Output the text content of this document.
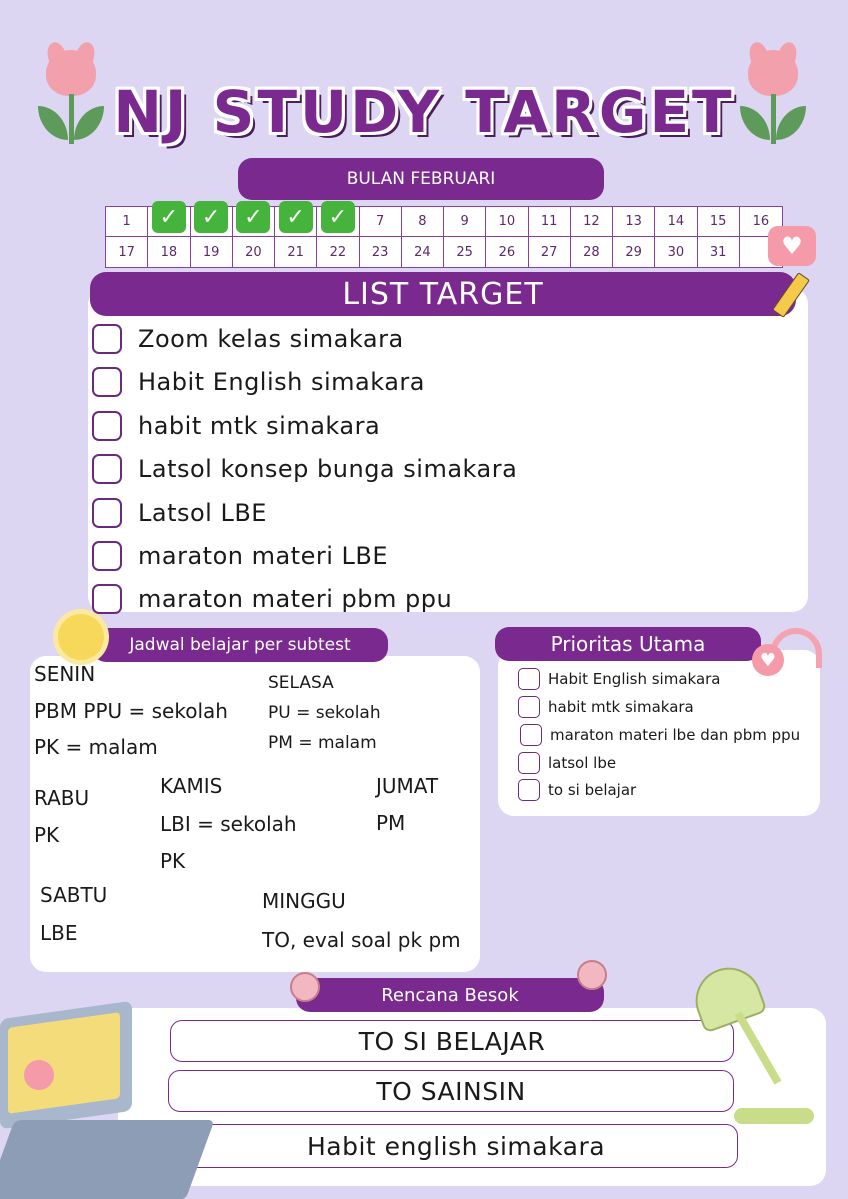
NJ STUDY TARGET
BULAN FEBRUARI
1	✓	✓	✓	✓	✓	7	8	9 10 11 12 13 14 15 16
17 18 19 20 21 22 23 24 25 26 27 28 29 30 31	♥
LIST TARGET
Zoom kelas simakara
Habit English simakara
habit mtk simakara
Latsol konsep bunga simakara
Latsol LBE
maraton materi LBE
maraton materi pbm ppu
Jadwal belajar per subtest
SENIN
PBM PPU = sekolah
PK = malam
SELASA
PU = sekolah
PM = malam
RABU
PK
KAMIS
LBI = sekolah
PK
JUMAT
PM
SABTU
LBE
MINGGU
TO, eval soal pk pm
Prioritas Utama
♥
Habit English simakara
habit mtk simakara
maraton materi lbe dan pbm ppu
latsol lbe
to si belajar
Rencana Besok
TO SI BELAJAR
TO SAINSIN
Habit english simakara
